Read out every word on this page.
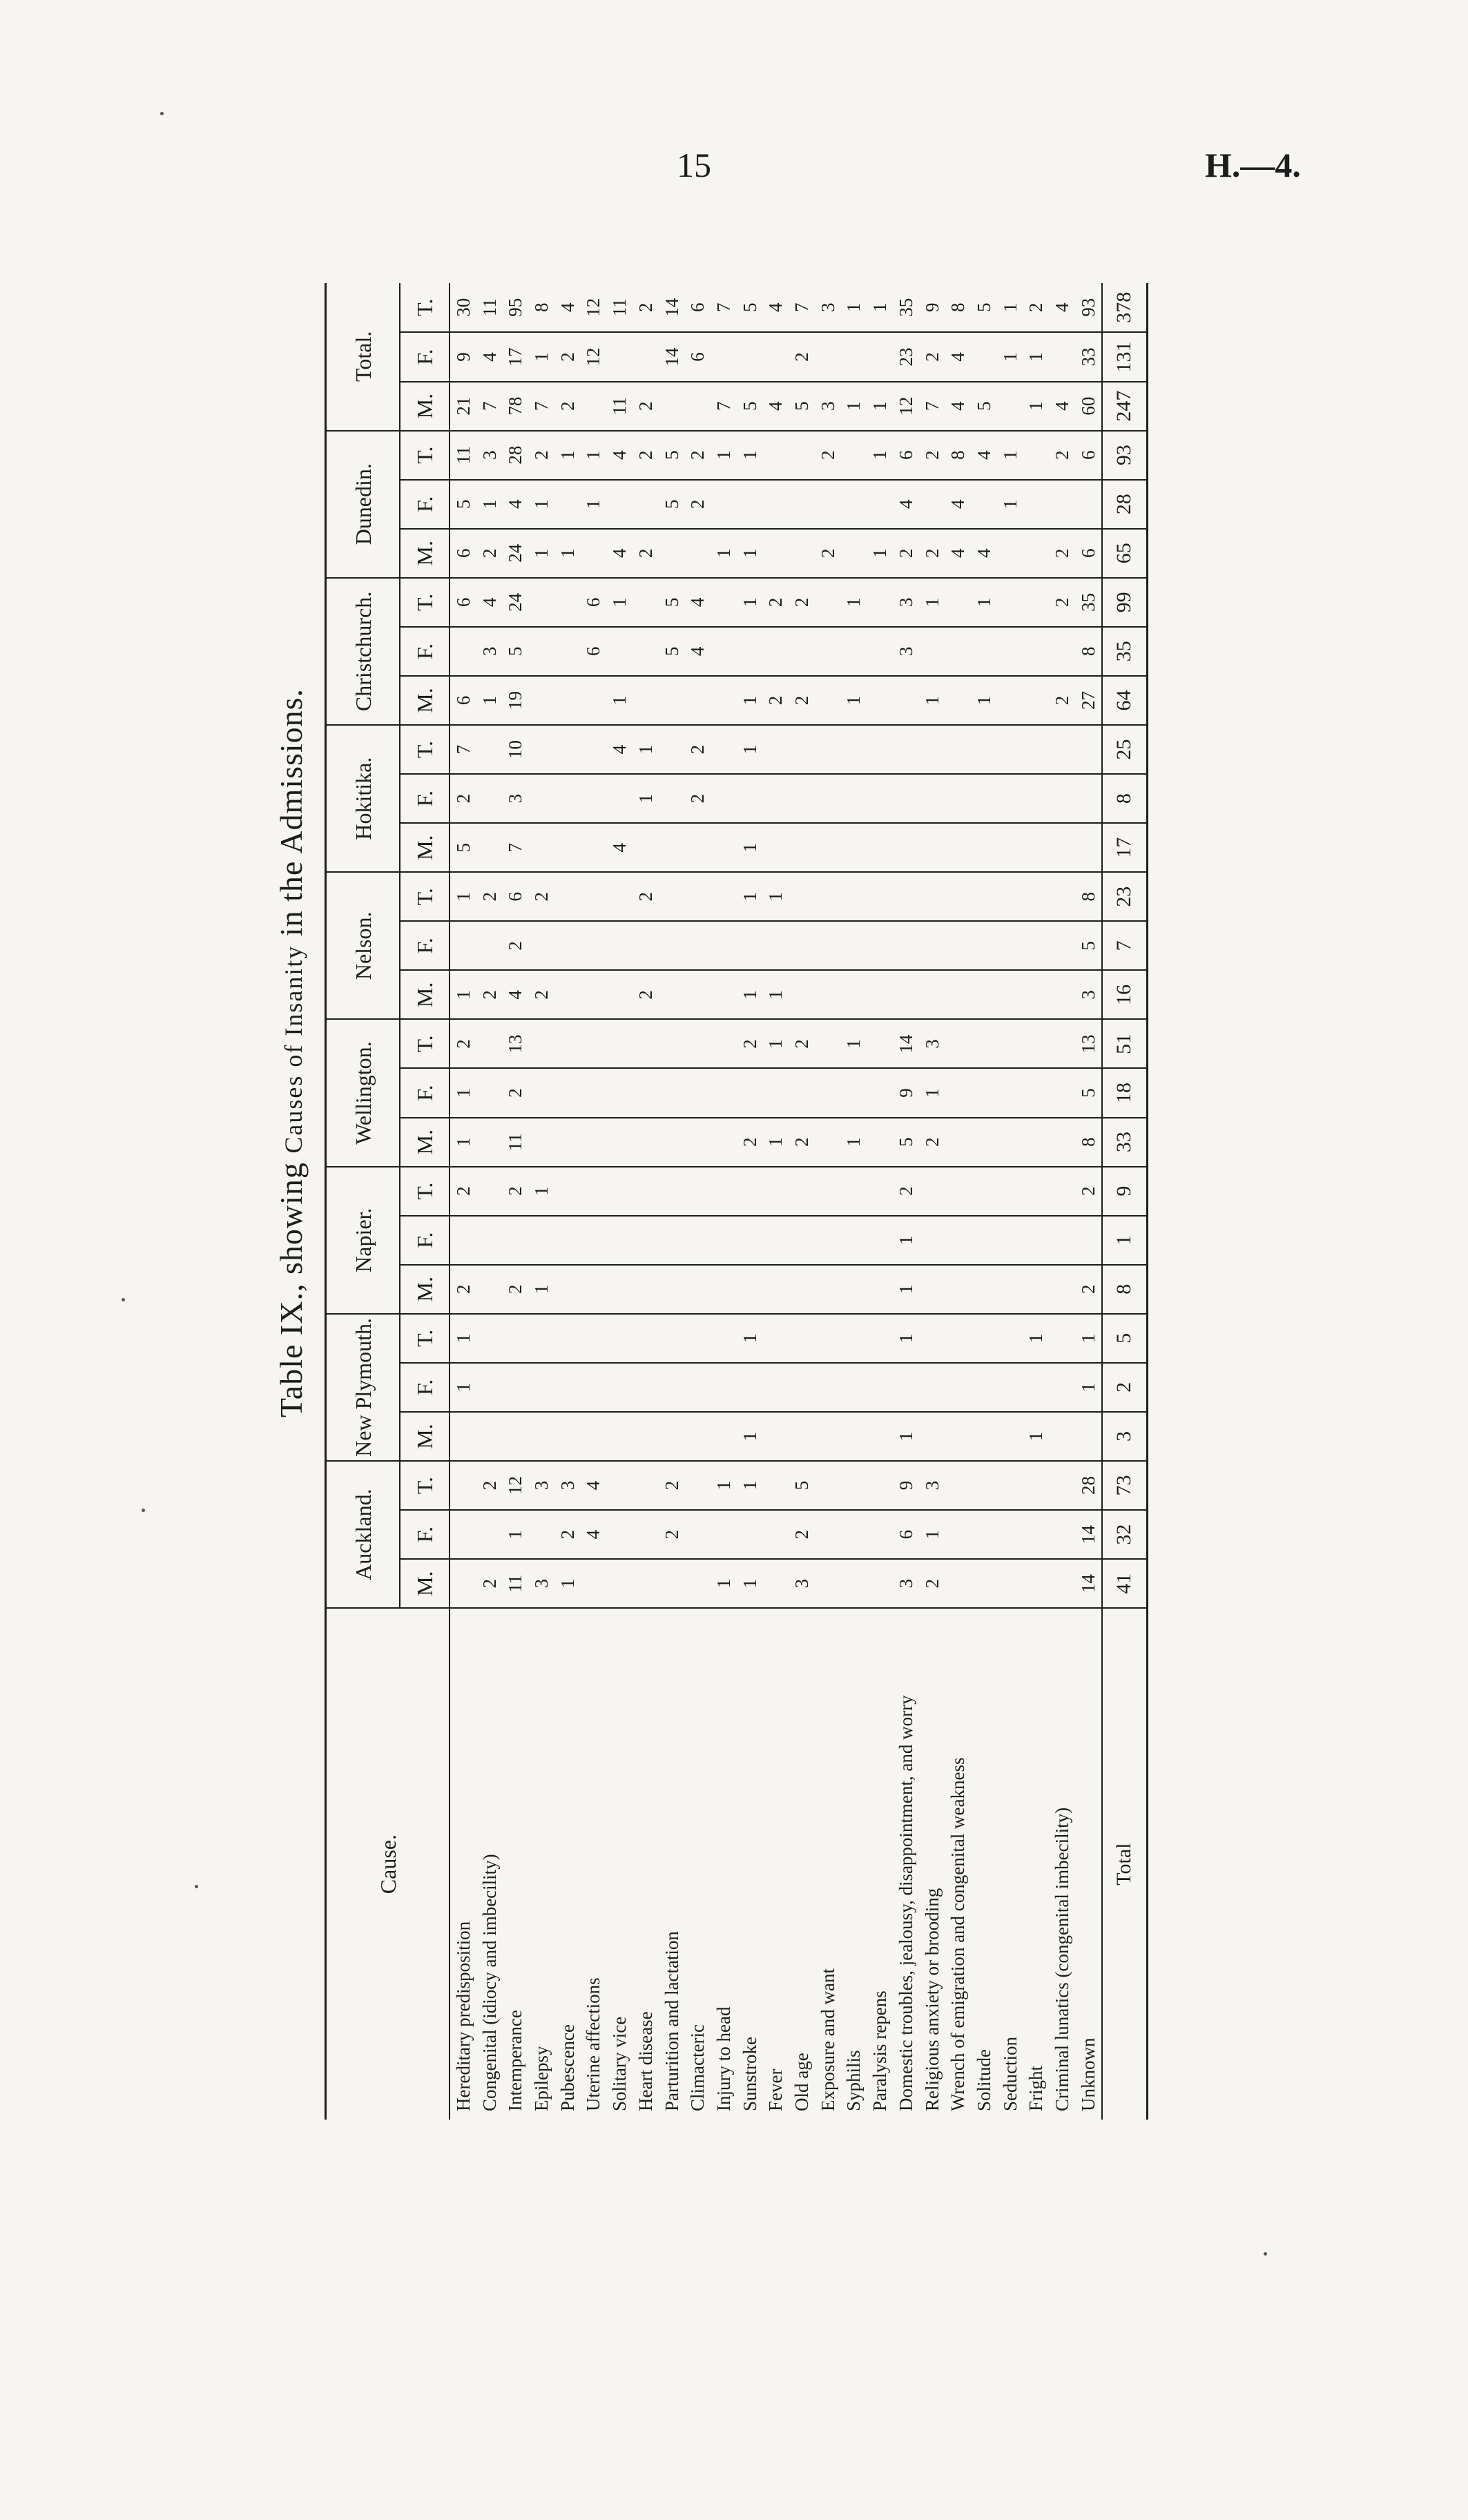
15	H.—4.
Table IX., showing Causes of Insanity in the Admissions.
Cause.	Auckland.			New Plymouth.			Napier.			Wellington.			Nelson.			Hokitika.			Christchurch.			Dunedin.			Total.		
	M.	F.	T.	M.	F.	T.	M.	F.	T.	M.	F.	T.	M.	F.	T.	M.	F.	T.	M.	F.	T.	M.	F.	T.	M.	F.	T.
Hereditary predisposition					1	1	2		2	1	1	2	1		1	5	2	7	6		6	6	5	11	21	9	30
Congenital (idiocy and imbecility)	2		2										2		2				1	3	4	2	1	3	7	4	11
Intemperance	11	1	12				2		2	11	2	13	4	2	6	7	3	10	19	5	24	24	4	28	78	17	95
Epilepsy	3		3				1		1				2		2							1	1	2	7	1	8
Pubescence	1	2	3																			1		1	2	2	4
Uterine affections		4	4																	6	6		1	1		12	12
Solitary vice																4		4	1		1	4		4	11		11
Heart disease													2		2		1	1				2		2	2		2
Parturition and lactation		2	2																	5	5		5	5		14	14
Climacteric																	2	2		4	4		2	2		6	6
Injury to head	1		1																			1		1	7		7
Sunstroke	1		1	1		1				2		2	1		1	1		1	1		1	1		1	5		5
Fever										1		1	1		1				2		2				4		4
Old age	3	2	5							2		2							2		2				5	2	7
Exposure and want																						2		2	3		3
Syphilis										1		1							1		1				1		1
Paralysis repens																						1		1	1		1
Domestic troubles, jealousy, disappointment, and worry	3	6	9	1		1	1	1	2	5	9	14								3	3	2	4	6	12	23	35
Religious anxiety or brooding	2	1	3							2	1	3							1		1	2		2	7	2	9
Wrench of emigration and congenital weakness																						4	4	8	4	4	8
Solitude																			1		1	4		4	5		5
Seduction																							1	1		1	1
Fright				1		1																			1	1	2
Criminal lunatics (congenital imbecility)																			2		2	2		2	4		4
Unknown	14	14	28		1	1	2		2	8	5	13	3	5	8				27	8	35	6		6	60	33	93
Total	41	32	73	3	2	5	8	1	9	33	18	51	16	7	23	17	8	25	64	35	99	65	28	93	247	131	378
